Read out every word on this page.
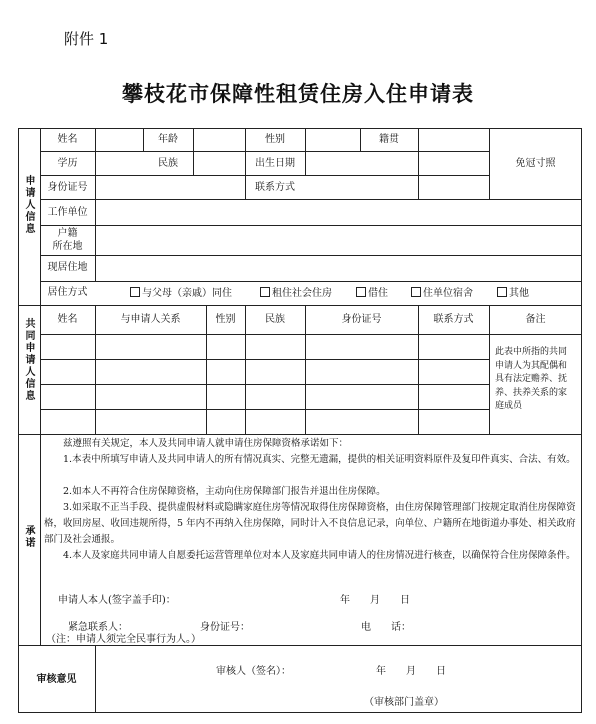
附件 1
攀枝花市保障性租赁住房入住申请表
申请人信息
姓名	年龄	性别	籍贯
免冠寸照
学历	民族	出生日期
身份证号	联系方式
工作单位
户籍
所在地
现居住地
居住方式	与父母（亲戚）同住	租住社会住房	借住	住单位宿舍	其他
共同申请人信息	姓名	与申请人关系	性别	民族	身份证号	联系方式	备注
此表中所指的共同申请人为其配偶和具有法定赡养、抚养、扶养关系的家庭成员
承诺
兹遵照有关规定，本人及共同申请人就申请住房保障资格承诺如下：
1.本表中所填写申请人及共同申请人的所有情况真实、完整无遗漏，提供的相关证明资料原件及复印件真实、合法、有效。
2.如本人不再符合住房保障资格，主动向住房保障部门报告并退出住房保障。
3.如采取不正当手段、提供虚假材料或隐瞒家庭住房等情况取得住房保障资格，由住房保障管理部门按规定取消住房保障资格，收回房屋、收回违规所得，5 年内不再纳入住房保障，同时计入不良信息记录，向单位、户籍所在地街道办事处、相关政府部门及社会通报。
4.本人及家庭共同申请人自愿委托运营管理单位对本人及家庭共同申请人的住房情况进行核查，以确保符合住房保障条件。
申请人本人(签字盖手印)：	年　　月　　日
紧急联系人：	身份证号：	电　　话：
（注：申请人须完全民事行为人。）
审核意见
审核人（签名）：	年　　月　　日
（审核部门盖章）
